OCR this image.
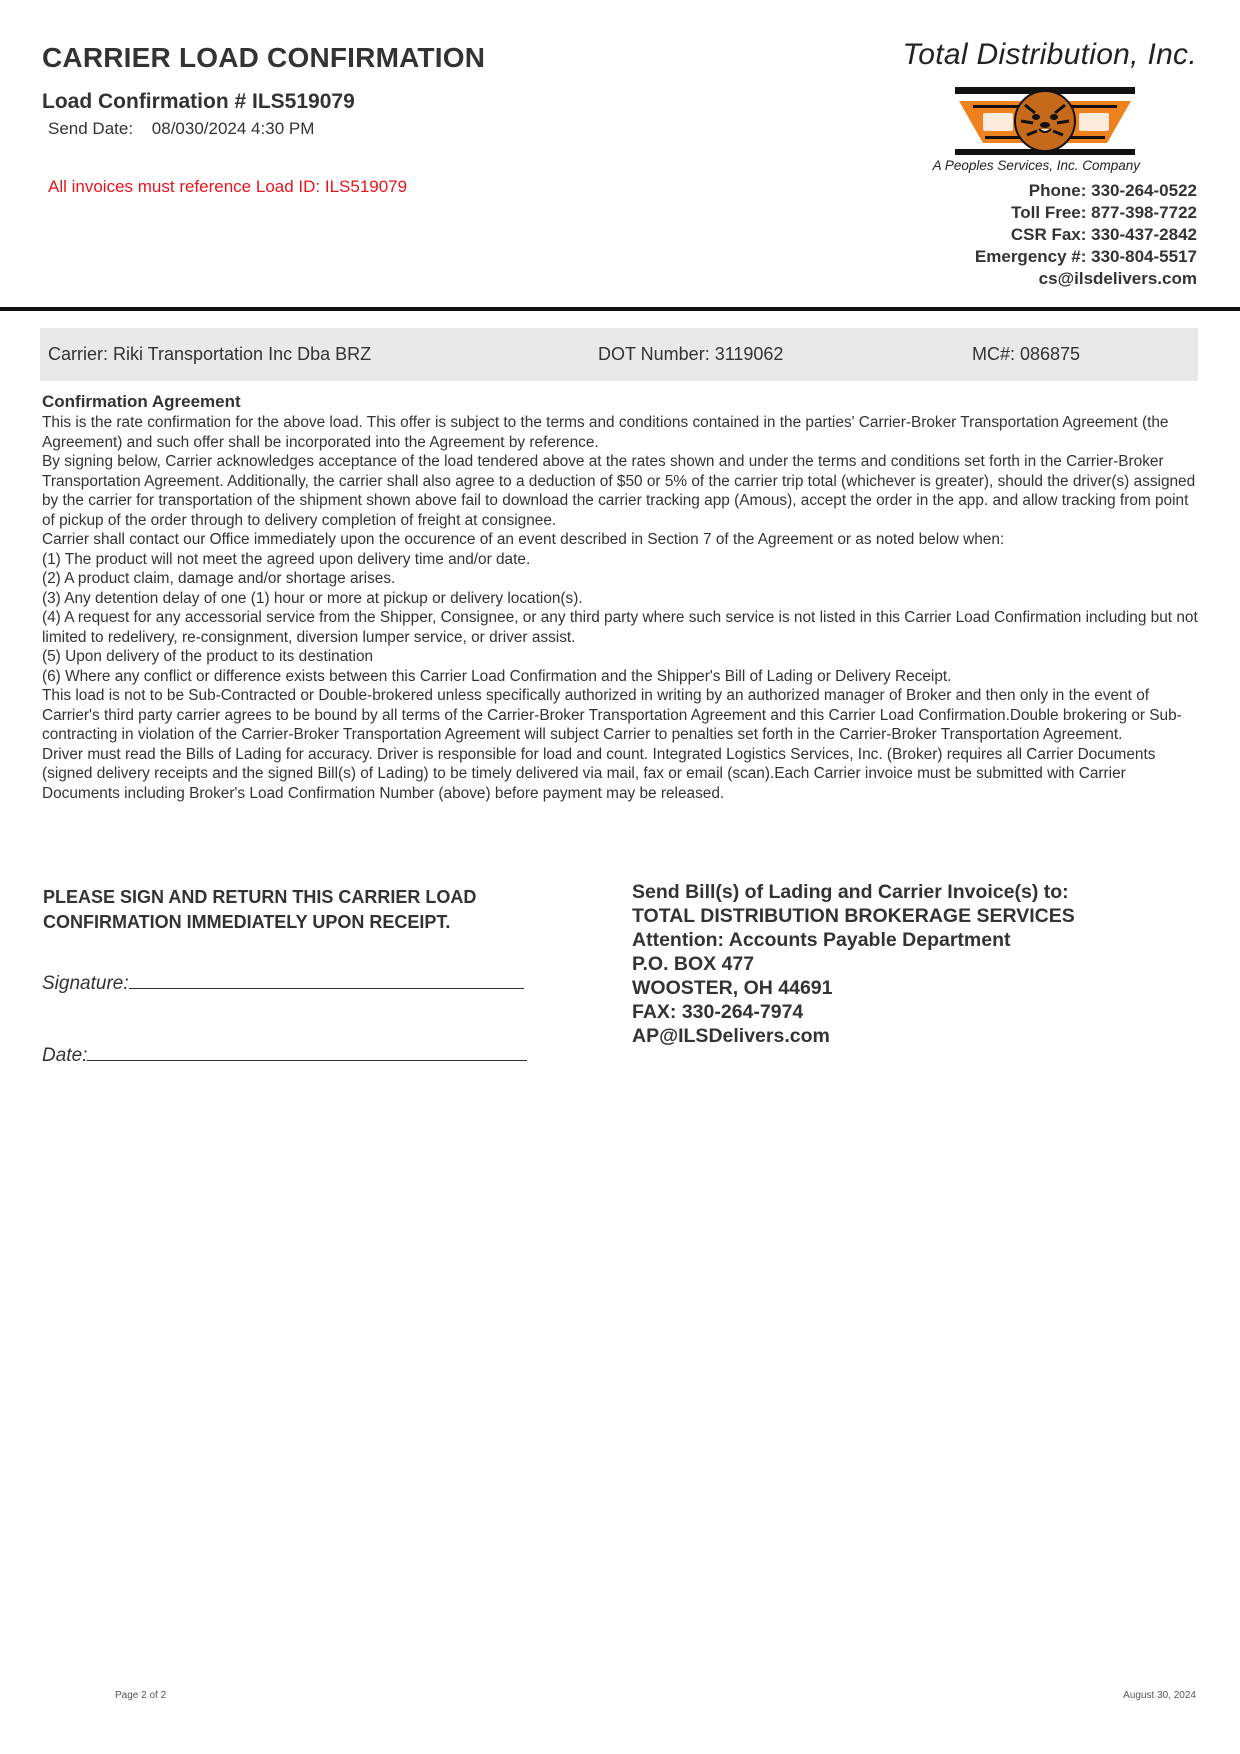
CARRIER LOAD CONFIRMATION
Load Confirmation # ILS519079
Send Date: 08/030/2024 4:30 PM
All invoices must reference Load ID: ILS519079
Total Distribution, Inc.
A Peoples Services, Inc. Company
Phone: 330-264-0522
Toll Free: 877-398-7722
CSR Fax: 330-437-2842
Emergency #: 330-804-5517
cs@ilsdelivers.com
Carrier: Riki Transportation Inc Dba BRZ	DOT Number: 3119062	MC#: 086875
Confirmation Agreement

This is the rate confirmation for the above load. This offer is subject to the terms and conditions contained in the parties' Carrier-Broker Transportation Agreement (the Agreement) and such offer shall be incorporated into the Agreement by reference.

By signing below, Carrier acknowledges acceptance of the load tendered above at the rates shown and under the terms and conditions set forth in the Carrier-Broker Transportation Agreement. Additionally, the carrier shall also agree to a deduction of $50 or 5% of the carrier trip total (whichever is greater), should the driver(s) assigned by the carrier for transportation of the shipment shown above fail to download the carrier tracking app (Amous), accept the order in the app. and allow tracking from point of pickup of the order through to delivery completion of freight at consignee.

Carrier shall contact our Office immediately upon the occurence of an event described in Section 7 of the Agreement or as noted below when:

(1) The product will not meet the agreed upon delivery time and/or date.

(2) A product claim, damage and/or shortage arises.

(3) Any detention delay of one (1) hour or more at pickup or delivery location(s).

(4) A request for any accessorial service from the Shipper, Consignee, or any third party where such service is not listed in this Carrier Load Confirmation including but not limited to redelivery, re-consignment, diversion lumper service, or driver assist.

(5) Upon delivery of the product to its destination

(6) Where any conflict or difference exists between this Carrier Load Confirmation and the Shipper's Bill of Lading or Delivery Receipt.

This load is not to be Sub-Contracted or Double-brokered unless specifically authorized in writing by an authorized manager of Broker and then only in the event of Carrier's third party carrier agrees to be bound by all terms of the Carrier-Broker Transportation Agreement and this Carrier Load Confirmation.Double brokering or Sub-contracting in violation of the Carrier-Broker Transportation Agreement will subject Carrier to penalties set forth in the Carrier-Broker Transportation Agreement.

Driver must read the Bills of Lading for accuracy. Driver is responsible for load and count. Integrated Logistics Services, Inc. (Broker) requires all Carrier Documents (signed delivery receipts and the signed Bill(s) of Lading) to be timely delivered via mail, fax or email (scan).Each Carrier invoice must be submitted with Carrier Documents including Broker's Load Confirmation Number (above) before payment may be released.

PLEASE SIGN AND RETURN THIS CARRIER LOAD
CONFIRMATION IMMEDIATELY UPON RECEIPT.
Signature:
Date:
Send Bill(s) of Lading and Carrier Invoice(s) to:
TOTAL DISTRIBUTION BROKERAGE SERVICES
Attention: Accounts Payable Department
P.O. BOX 477
WOOSTER, OH 44691
FAX: 330-264-7974
AP@ILSDelivers.com
Page 2 of 2	August 30, 2024
